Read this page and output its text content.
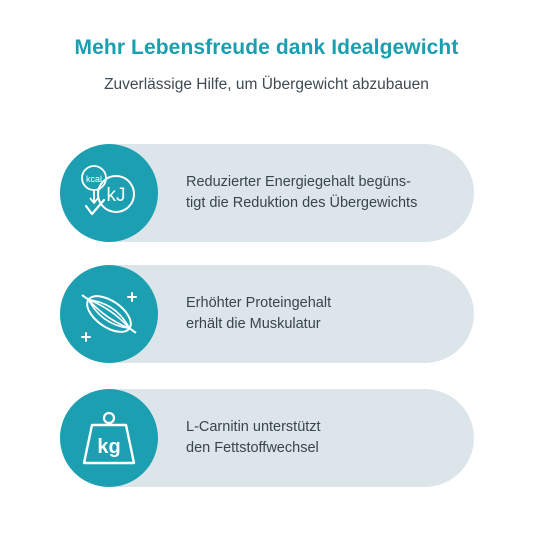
Mehr Lebensfreude dank Idealgewicht
Zuverlässige Hilfe, um Übergewicht abzubauen
kcal
kJ
Reduzierter Energiegehalt begüns-
tigt die Reduktion des Übergewichts
Erhöhter Proteingehalt
erhält die Muskulatur
kg
L-Carnitin unterstützt
den Fettstoffwechsel
